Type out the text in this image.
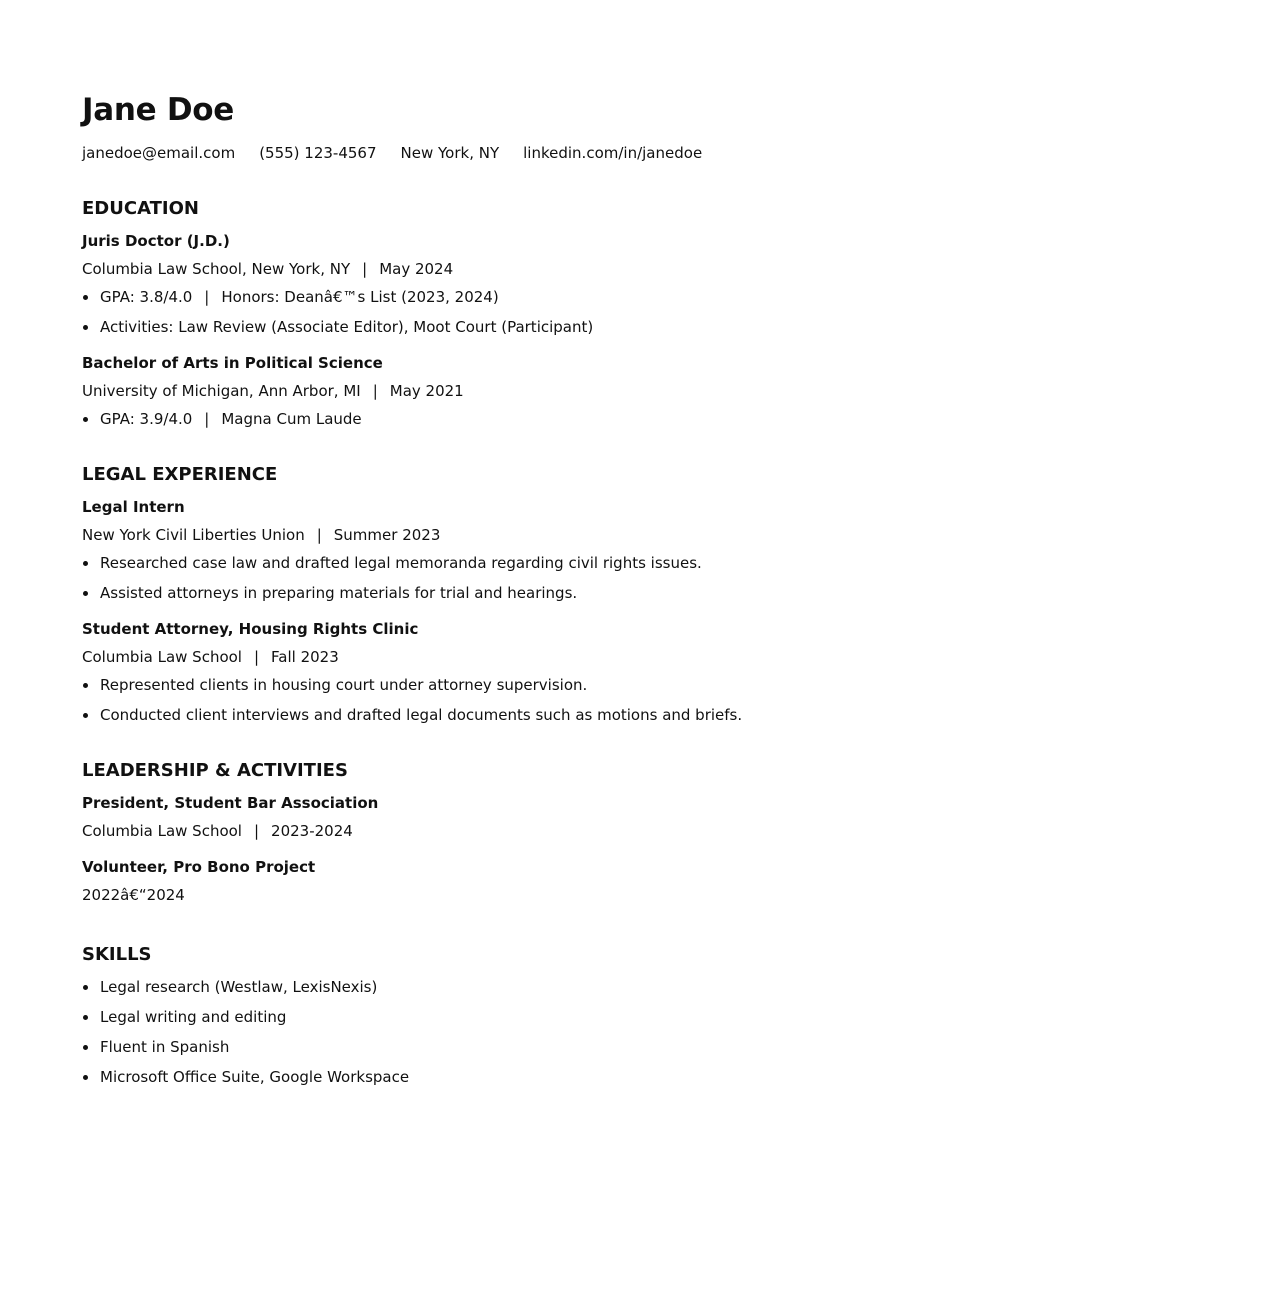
Jane Doe
janedoe@email.com (555) 123-4567 New York, NY linkedin.com/in/janedoe
EDUCATION
Juris Doctor (J.D.)
Columbia Law School, New York, NY | May 2024
GPA: 3.8/4.0 | Honors: Deanâ€™s List (2023, 2024)
Activities: Law Review (Associate Editor), Moot Court (Participant)
Bachelor of Arts in Political Science
University of Michigan, Ann Arbor, MI | May 2021
GPA: 3.9/4.0 | Magna Cum Laude
LEGAL EXPERIENCE
Legal Intern
New York Civil Liberties Union | Summer 2023
Researched case law and drafted legal memoranda regarding civil rights issues.
Assisted attorneys in preparing materials for trial and hearings.
Student Attorney, Housing Rights Clinic
Columbia Law School | Fall 2023
Represented clients in housing court under attorney supervision.
Conducted client interviews and drafted legal documents such as motions and briefs.
LEADERSHIP & ACTIVITIES
President, Student Bar Association
Columbia Law School | 2023-2024
Volunteer, Pro Bono Project
2022â€“2024
SKILLS
Legal research (Westlaw, LexisNexis)
Legal writing and editing
Fluent in Spanish
Microsoft Office Suite, Google Workspace
